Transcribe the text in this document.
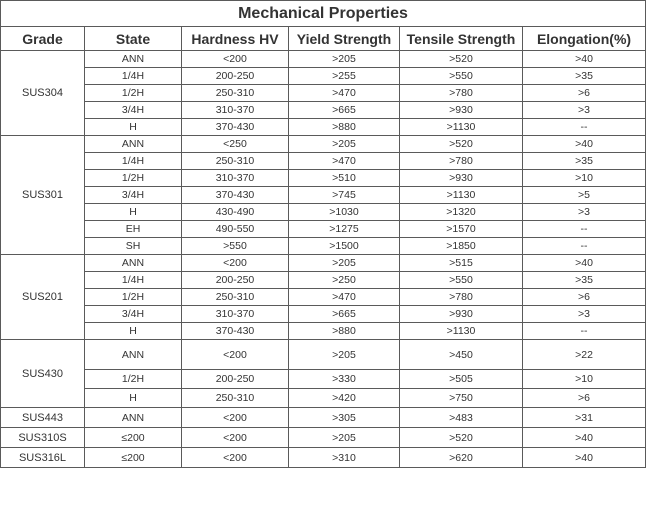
Mechanical Properties					
Grade	State	Hardness HV	Yield Strength	Tensile Strength	Elongation(%)
SUS304	ANN	<200	>205	>520	>40
	1/4H	200-250	>255	>550	>35
	1/2H	250-310	>470	>780	>6
	3/4H	310-370	>665	>930	>3
	H	370-430	>880	>1130	--
SUS301	ANN	<250	>205	>520	>40
	1/4H	250-310	>470	>780	>35
	1/2H	310-370	>510	>930	>10
	3/4H	370-430	>745	>1130	>5
	H	430-490	>1030	>1320	>3
	EH	490-550	>1275	>1570	--
	SH	>550	>1500	>1850	--
SUS201	ANN	<200	>205	>515	>40
	1/4H	200-250	>250	>550	>35
	1/2H	250-310	>470	>780	>6
	3/4H	310-370	>665	>930	>3
	H	370-430	>880	>1130	--
SUS430	ANN	<200	>205	>450	>22
	1/2H	200-250	>330	>505	>10
	H	250-310	>420	>750	>6
SUS443	ANN	<200	>305	>483	>31
SUS310S	≤200	<200	>205	>520	>40
SUS316L	≤200	<200	>310	>620	>40
